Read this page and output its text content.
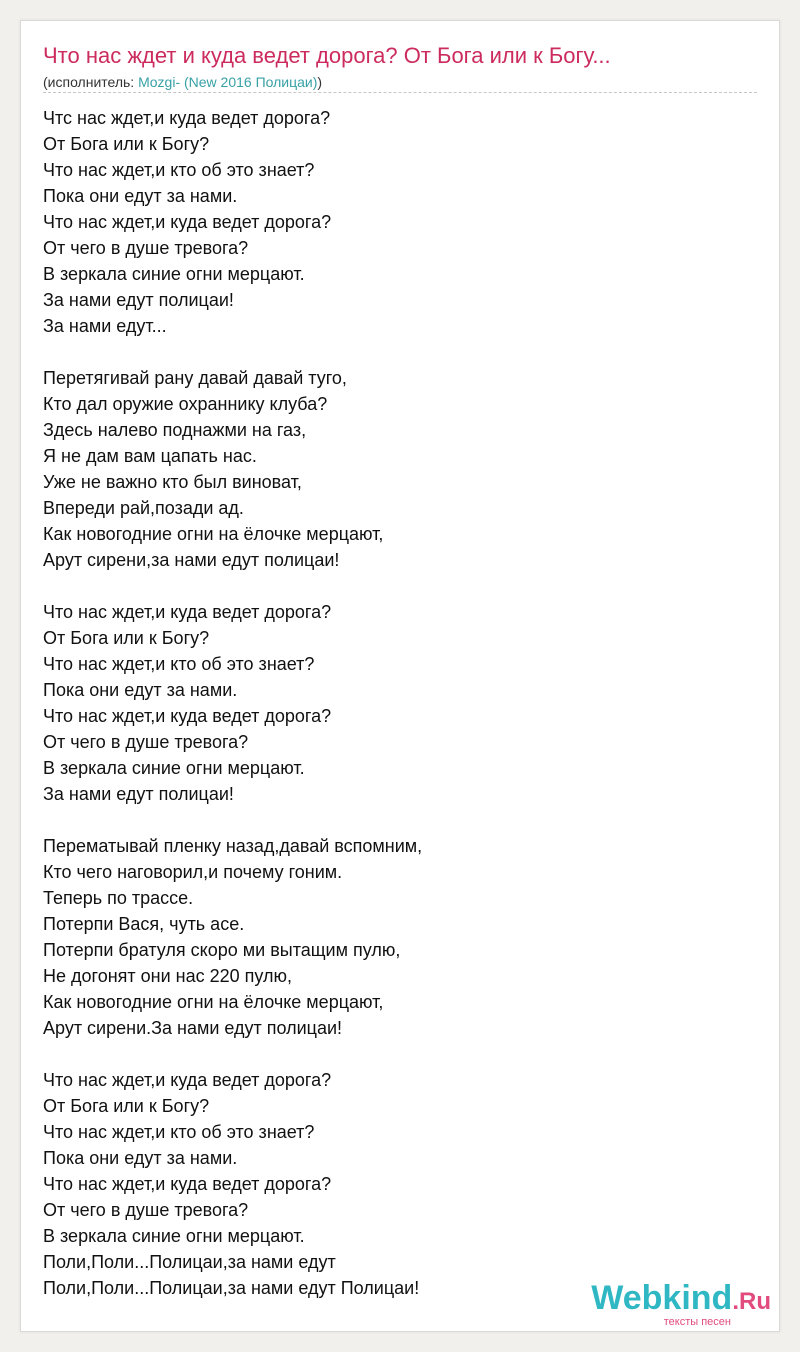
Что нас ждет и куда ведет дорога? От Бога или к Богу...
(исполнитель: Mozgi- (New 2016 Полицаи))
Чтс нас ждет,и куда ведет дорога?
От Бога или к Богу?
Что нас ждет,и кто об это знает?
Пока они едут за нами.
Что нас ждет,и куда ведет дорога?
От чего в душе тревога?
В зеркала синие огни мерцают.
За нами едут полицаи!
За нами едут...
Перетягивай рану давай давай туго,
Кто дал оружие охраннику клуба?
Здесь налево поднажми на газ,
Я не дам вам цапать нас.
Уже не важно кто был виноват,
Впереди рай,позади ад.
Как новогодние огни на ёлочке мерцают,
Арут сирени,за нами едут полицаи!
Что нас ждет,и куда ведет дорога?
От Бога или к Богу?
Что нас ждет,и кто об это знает?
Пока они едут за нами.
Что нас ждет,и куда ведет дорога?
От чего в душе тревога?
В зеркала синие огни мерцают.
За нами едут полицаи!
Перематывай пленку назад,давай вспомним,
Кто чего наговорил,и почему гоним.
Теперь по трассе.
Потерпи Вася, чуть асе.
Потерпи братуля скоро ми вытащим пулю,
Не догонят они нас 220 пулю,
Как новогодние огни на ёлочке мерцают,
Арут сирени.За нами едут полицаи!
Что нас ждет,и куда ведет дорога?
От Бога или к Богу?
Что нас ждет,и кто об это знает?
Пока они едут за нами.
Что нас ждет,и куда ведет дорога?
От чего в душе тревога?
В зеркала синие огни мерцают.
Поли,Поли...Полицаи,за нами едут
Поли,Поли...Полицаи,за нами едут Полицаи!	Webkind.Ru
тексты песен
